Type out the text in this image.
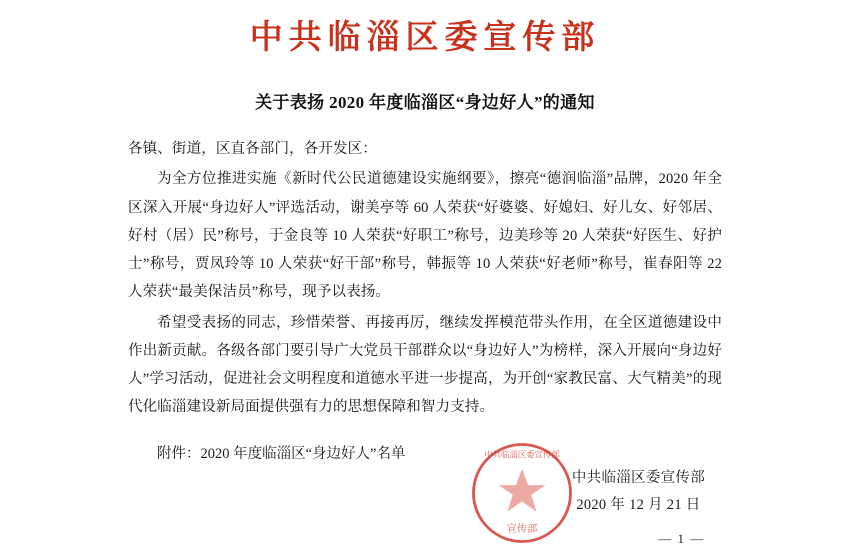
中共临淄区委宣传部
关于表扬 2020 年度临淄区“身边好人”的通知
各镇、街道，区直各部门，各开发区：
为全方位推进实施《新时代公民道德建设实施纲要》，擦亮“德润临淄”品牌，2020 年全区深入开展“身边好人”评选活动，谢美亭等 60 人荣获“好婆婆、好媳妇、好儿女、好邻居、好村（居）民”称号，于金良等 10 人荣获“好职工”称号，边美珍等 20 人荣获“好医生、好护士”称号，贾凤玲等 10 人荣获“好干部”称号，韩振等 10 人荣获“好老师”称号，崔春阳等 22 人荣获“最美保洁员”称号，现予以表扬。
希望受表扬的同志，珍惜荣誉、再接再厉，继续发挥模范带头作用，在全区道德建设中作出新贡献。各级各部门要引导广大党员干部群众以“身边好人”为榜样，深入开展向“身边好人”学习活动，促进社会文明程度和道德水平进一步提高，为开创“家教民富、大气精美”的现代化临淄建设新局面提供强有力的思想保障和智力支持。
附件：2020 年度临淄区“身边好人”名单	中共临淄区委宣传部
宣传部
中共临淄区委宣传部
2020 年 12 月 21 日
— 1 —
